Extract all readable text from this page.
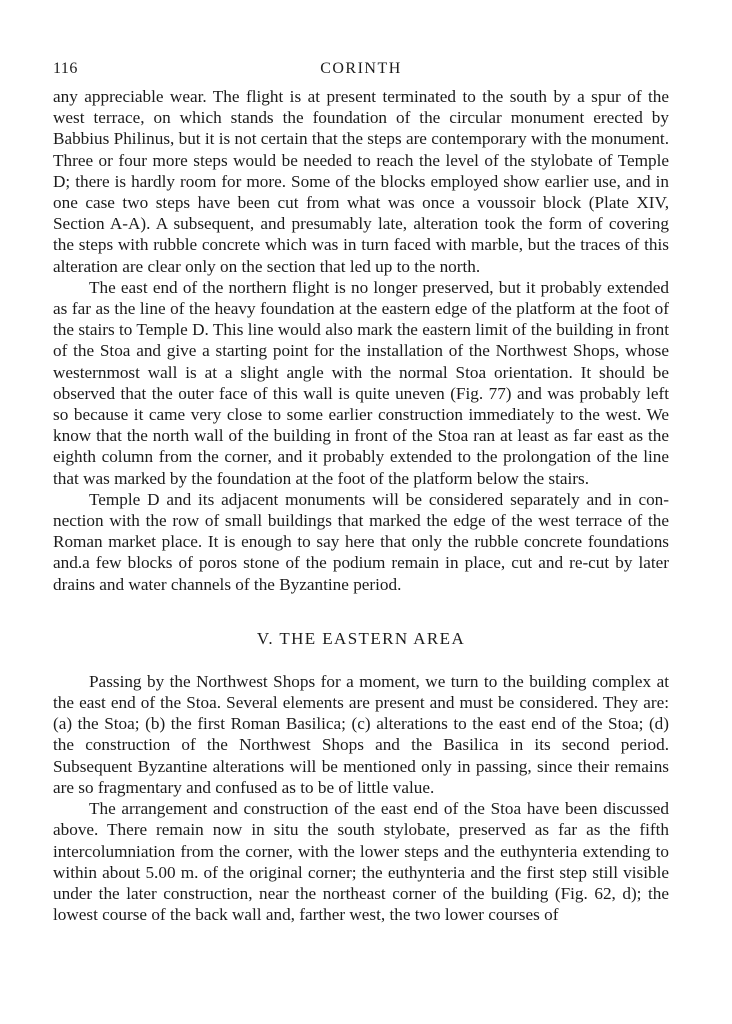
116	CORINTH

any appreciable wear. The flight is at present terminated to the south by a spur of the west terrace, on which stands the foundation of the circular monument erected by Babbius Philinus, but it is not certain that the steps are contemporary with the monument. Three or four more steps would be needed to reach the level of the stylobate of Temple D; there is hardly room for more. Some of the blocks employed show earlier use, and in one case two steps have been cut from what was once a voussoir block (Plate XIV, Section A-A). A subsequent, and presumably late, alteration took the form of covering the steps with rubble concrete which was in turn faced with marble, but the traces of this alteration are clear only on the section that led up to the north.

The east end of the northern flight is no longer preserved, but it probably extended as far as the line of the heavy foundation at the eastern edge of the platform at the foot of the stairs to Temple D. This line would also mark the eastern limit of the building in front of the Stoa and give a starting point for the installation of the Northwest Shops, whose westernmost wall is at a slight angle with the normal Stoa orientation. It should be observed that the outer face of this wall is quite uneven (Fig. 77) and was probably left so because it came very close to some earlier construction immediately to the west. We know that the north wall of the building in front of the Stoa ran at least as far east as the eighth column from the corner, and it probably extended to the prolongation of the line that was marked by the foundation at the foot of the platform below the stairs.

Temple D and its adjacent monuments will be considered separately and in connection with the row of small buildings that marked the edge of the west terrace of the Roman market place. It is enough to say here that only the rubble concrete foundations and.a few blocks of poros stone of the podium remain in place, cut and re-cut by later drains and water channels of the Byzantine period.

V. THE EASTERN AREA

Passing by the Northwest Shops for a moment, we turn to the building complex at the east end of the Stoa. Several elements are present and must be considered. They are: (a) the Stoa; (b) the first Roman Basilica; (c) alterations to the east end of the Stoa; (d) the construction of the Northwest Shops and the Basilica in its second period. Subsequent Byzantine alterations will be mentioned only in passing, since their remains are so fragmentary and confused as to be of little value.

The arrangement and construction of the east end of the Stoa have been discussed above. There remain now in situ the south stylobate, preserved as far as the fifth intercolumniation from the corner, with the lower steps and the euthynteria extending to within about 5.00 m. of the original corner; the euthynteria and the first step still visible under the later construction, near the northeast corner of the building (Fig. 62, d); the lowest course of the back wall and, farther west, the two lower courses of
